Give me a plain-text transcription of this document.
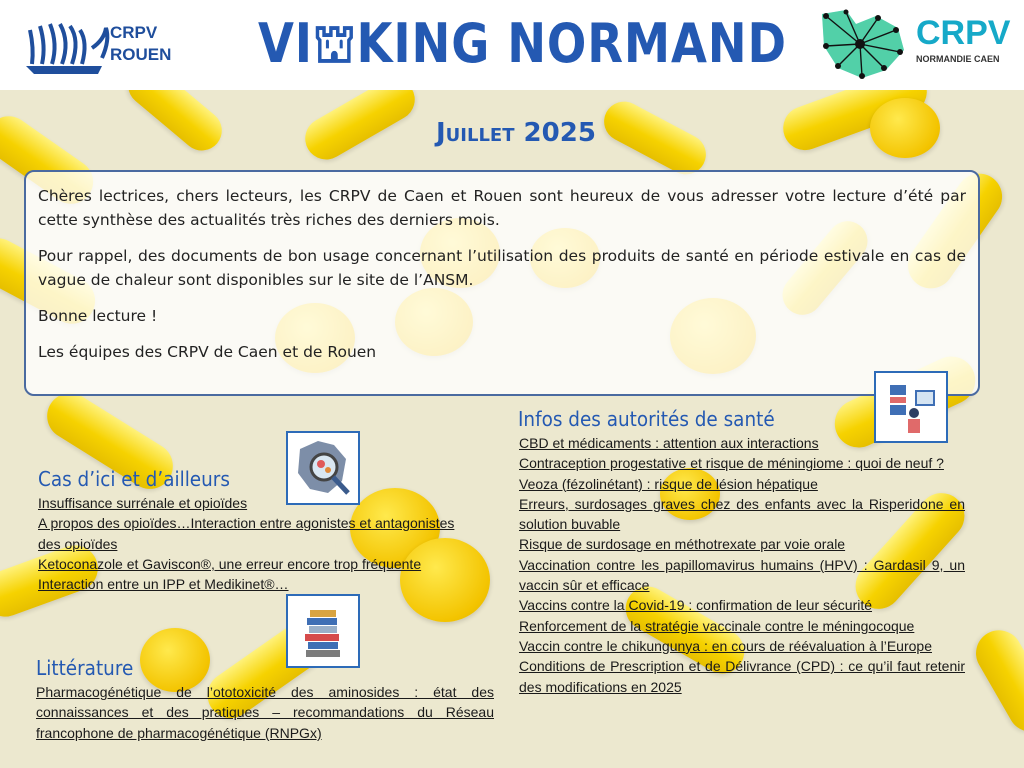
CRPV
ROUEN VI⛫KING NORMAND	CRPV
NORMANDIE CAEN
Juillet 2025

Chères lectrices, chers lecteurs, les CRPV de Caen et Rouen sont heureux de vous adresser votre lecture d’été par cette synthèse des actualités très riches des derniers mois.

Pour rappel, des documents de bon usage concernant l’utilisation des produits de santé en période estivale en cas de vague de chaleur sont disponibles sur le site de l’ANSM.

Bonne lecture !

Les équipes des CRPV de Caen et de Rouen

Cas d’ici et d’ailleurs
Insuffisance surrénale et opioïdes
A propos des opioïdes…Interaction entre agonistes et antagonistes des opioïdes
Ketoconazole et Gaviscon®, une erreur encore trop fréquente
Interaction entre un IPP et Medikinet®…
Littérature
Pharmacogénétique de l’ototoxicité des aminosides : état des connaissances et des pratiques – recommandations du Réseau francophone de pharmacogénétique (RNPGx)
Infos des autorités de santé
CBD et médicaments : attention aux interactions
Contraception progestative et risque de méningiome : quoi de neuf ?
Veoza (fézolinétant) : risque de lésion hépatique
Erreurs, surdosages graves chez des enfants avec la Risperidone en solution buvable
Risque de surdosage en méthotrexate par voie orale
Vaccination contre les papillomavirus humains (HPV) : Gardasil 9, un vaccin sûr et efficace
Vaccins contre la Covid-19 : confirmation de leur sécurité
Renforcement de la stratégie vaccinale contre le méningocoque
Vaccin contre le chikungunya : en cours de réévaluation à l’Europe
Conditions de Prescription et de Délivrance (CPD) : ce qu’il faut retenir des modifications en 2025
